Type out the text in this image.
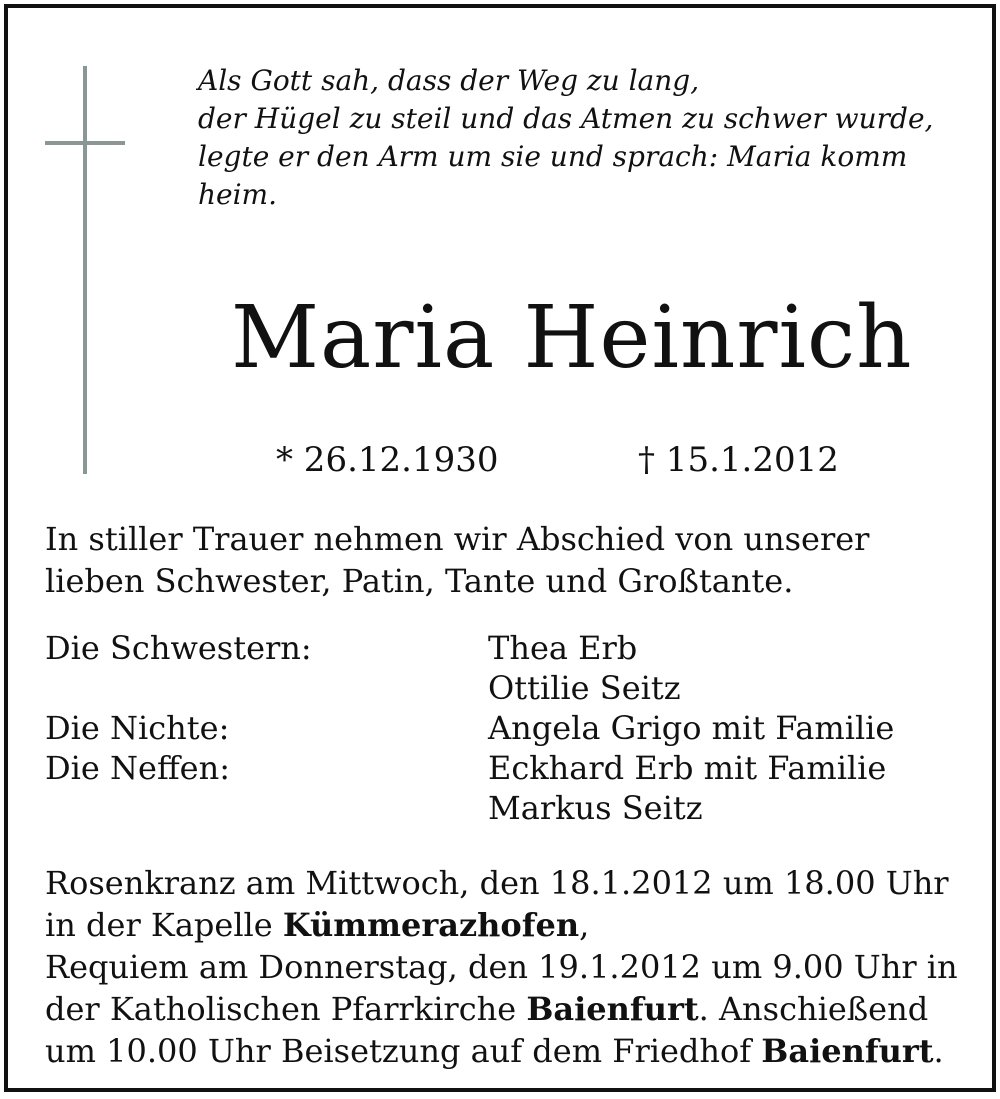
Als Gott sah, dass der Weg zu lang,
der Hügel zu steil und das Atmen zu schwer wurde,
legte er den Arm um sie und sprach: Maria komm
heim.
Maria Heinrich
* 26.12.1930	† 15.1.2012
In stiller Trauer nehmen wir Abschied von unserer
lieben Schwester, Patin, Tante und Großtante.
Die Schwestern:	Thea Erb
Ottilie Seitz
Die Nichte:	Angela Grigo mit Familie
Die Neffen:	Eckhard Erb mit Familie
Markus Seitz
Rosenkranz am Mittwoch, den 18.1.2012 um 18.00 Uhr
in der Kapelle Kümmerazhofen,
Requiem am Donnerstag, den 19.1.2012 um 9.00 Uhr in
der Katholischen Pfarrkirche Baienfurt. Anschießend
um 10.00 Uhr Beisetzung auf dem Friedhof Baienfurt.
